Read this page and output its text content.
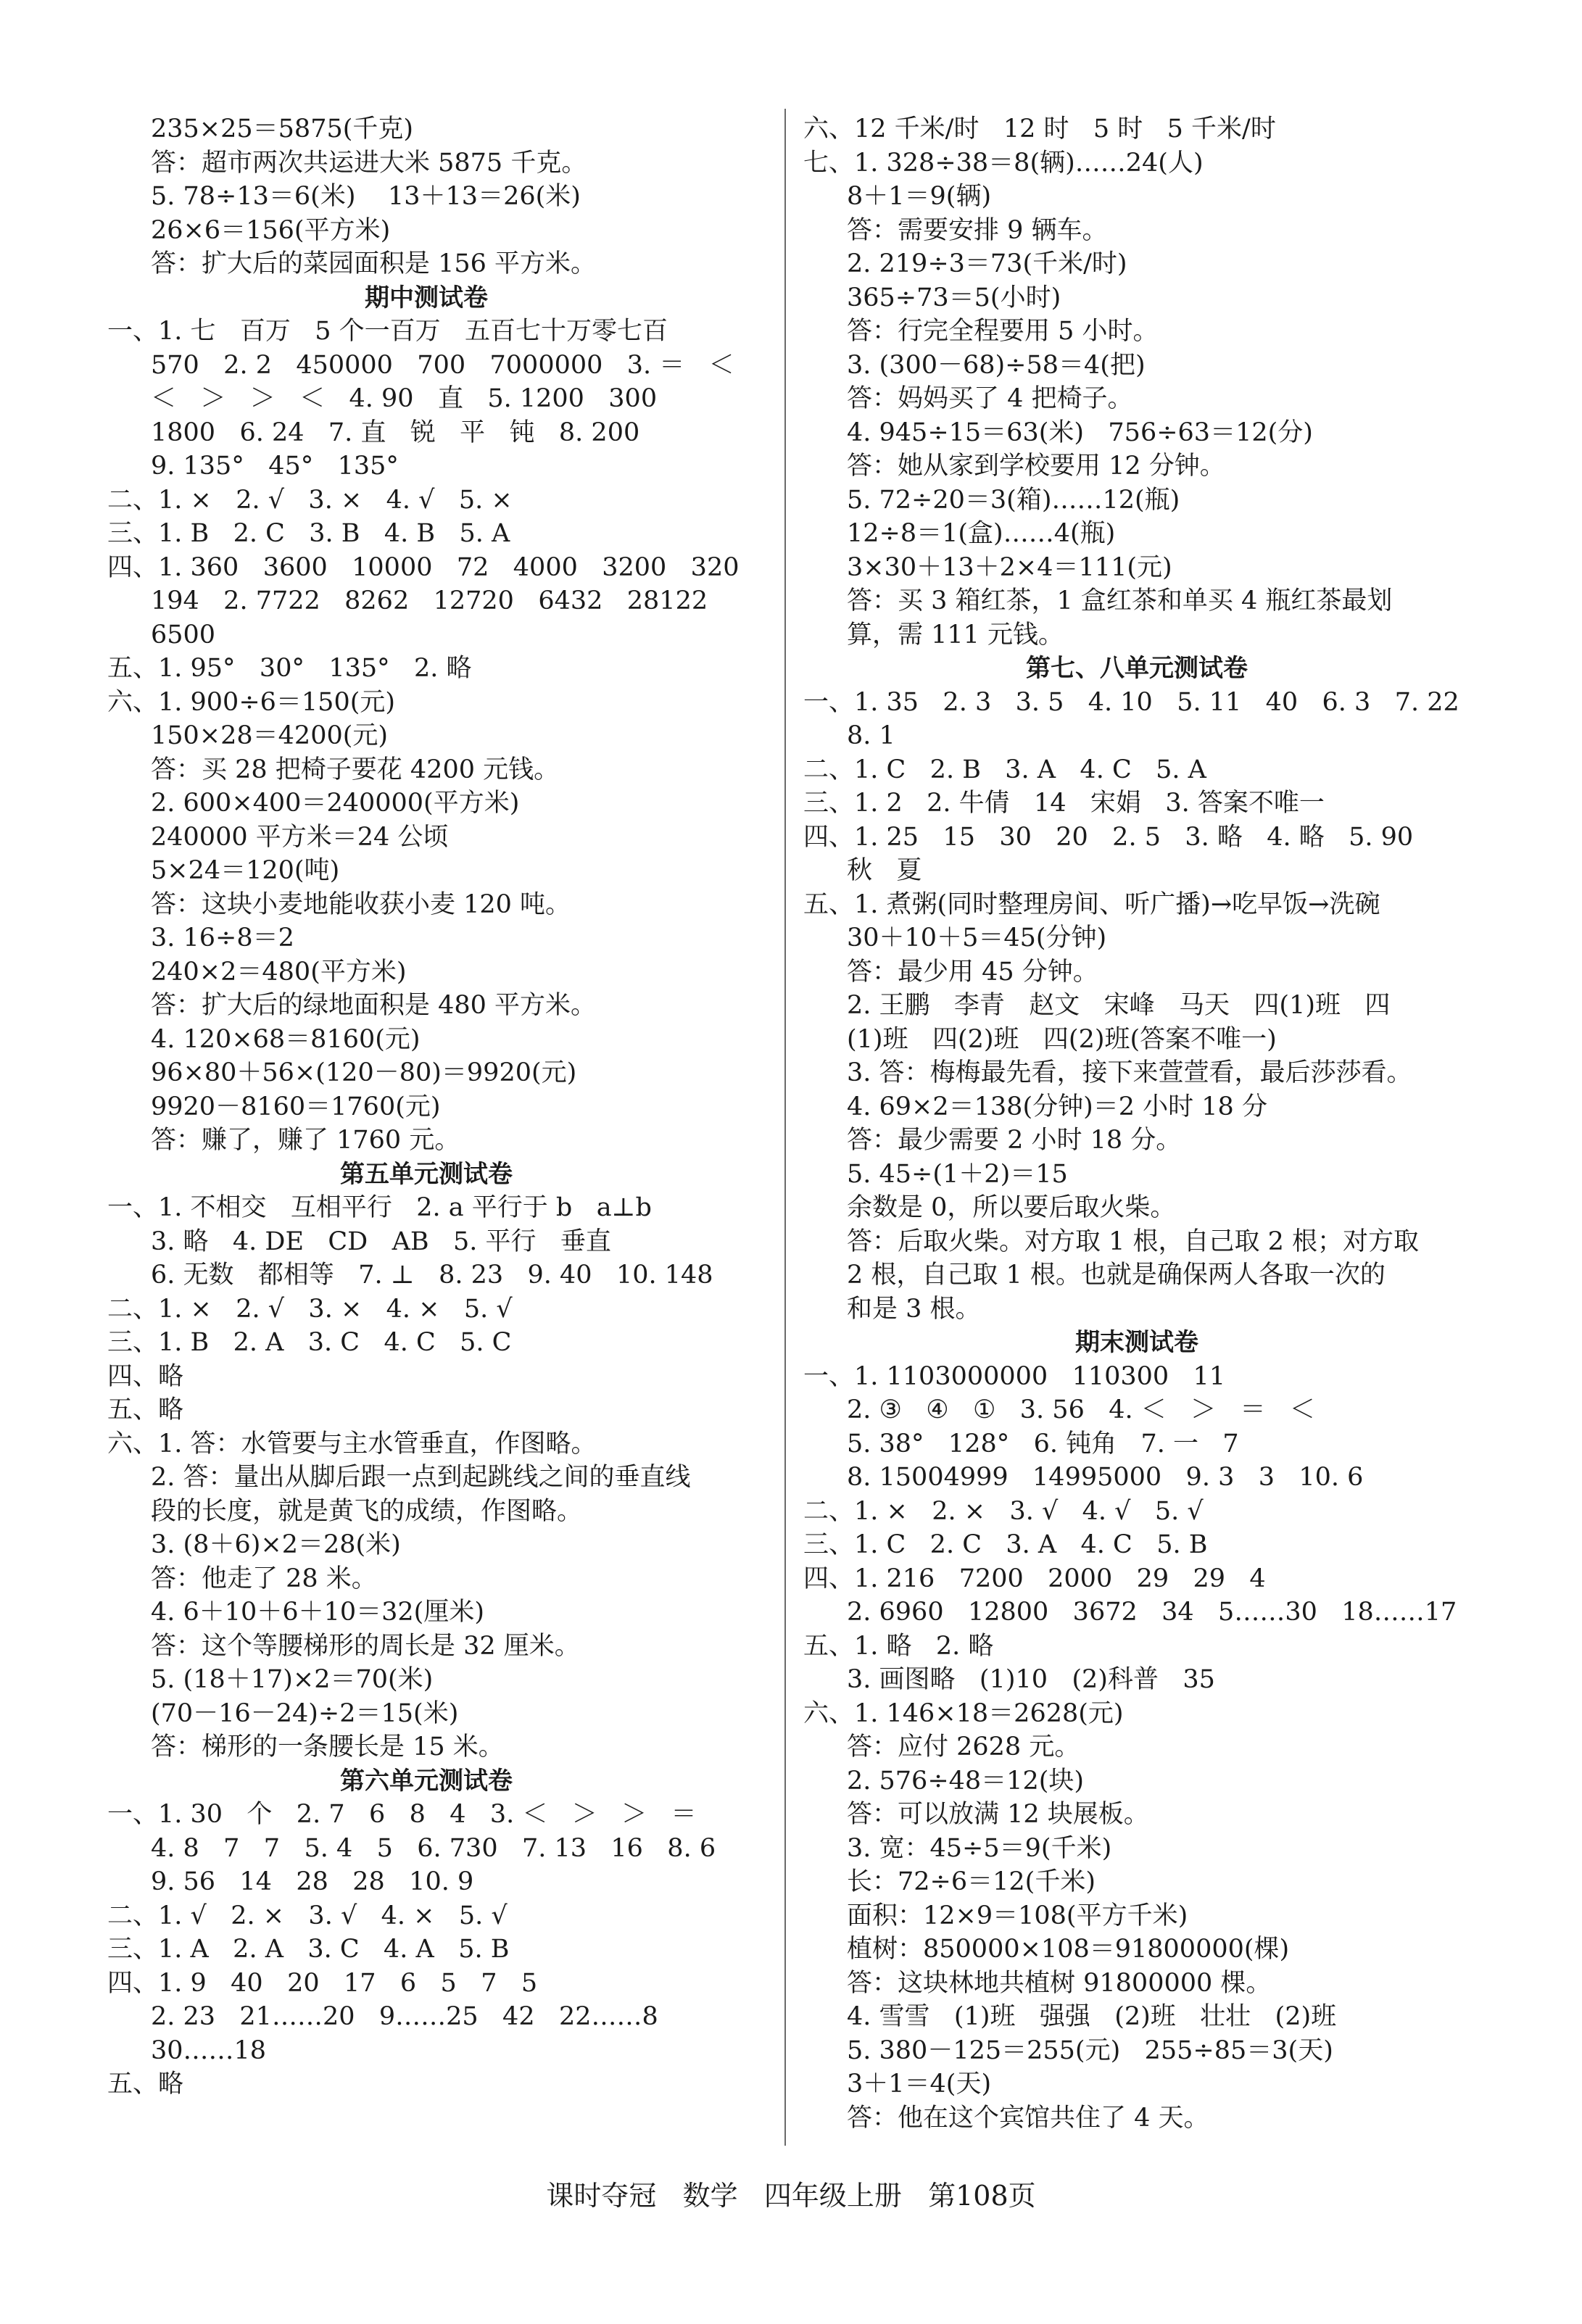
235×25＝5875(千克)
答：超市两次共运进大米 5875 千克。
5. 78÷13＝6(米)    13＋13＝26(米)
26×6＝156(平方米)
答：扩大后的菜园面积是 156 平方米。
期中测试卷
一、1. 七   百万   5 个一百万   五百七十万零七百
570   2. 2   450000   700   7000000   3. ＝   ＜
＜   ＞   ＞   ＜   4. 90   直   5. 1200   300
1800   6. 24   7. 直   锐   平   钝   8. 200
9. 135°   45°   135°
二、1. ×   2. √   3. ×   4. √   5. ×
三、1. B   2. C   3. B   4. B   5. A
四、1. 360   3600   10000   72   4000   3200   320
194   2. 7722   8262   12720   6432   28122
6500
五、1. 95°   30°   135°   2. 略
六、1. 900÷6＝150(元)
150×28＝4200(元)
答：买 28 把椅子要花 4200 元钱。
2. 600×400＝240000(平方米)
240000 平方米＝24 公顷
5×24＝120(吨)
答：这块小麦地能收获小麦 120 吨。
3. 16÷8＝2
240×2＝480(平方米)
答：扩大后的绿地面积是 480 平方米。
4. 120×68＝8160(元)
96×80＋56×(120－80)＝9920(元)
9920－8160＝1760(元)
答：赚了，赚了 1760 元。
第五单元测试卷
一、1. 不相交   互相平行   2. a 平行于 b   a⊥b
3. 略   4. DE   CD   AB   5. 平行   垂直
6. 无数   都相等   7. ⊥   8. 23   9. 40   10. 148
二、1. ×   2. √   3. ×   4. ×   5. √
三、1. B   2. A   3. C   4. C   5. C
四、略
五、略
六、1. 答：水管要与主水管垂直，作图略。
2. 答：量出从脚后跟一点到起跳线之间的垂直线
段的长度，就是黄飞的成绩，作图略。
3. (8＋6)×2＝28(米)
答：他走了 28 米。
4. 6＋10＋6＋10＝32(厘米)
答：这个等腰梯形的周长是 32 厘米。
5. (18＋17)×2＝70(米)
(70－16－24)÷2＝15(米)
答：梯形的一条腰长是 15 米。
第六单元测试卷
一、1. 30   个   2. 7   6   8   4   3. ＜   ＞   ＞   ＝
4. 8   7   7   5. 4   5   6. 730   7. 13   16   8. 6
9. 56   14   28   28   10. 9
二、1. √   2. ×   3. √   4. ×   5. √
三、1. A   2. A   3. C   4. A   5. B
四、1. 9   40   20   17   6   5   7   5
2. 23   21……20   9……25   42   22……8
30……18
五、略
六、12 千米/时   12 时   5 时   5 千米/时
七、1. 328÷38＝8(辆)……24(人)
8＋1＝9(辆)
答：需要安排 9 辆车。
2. 219÷3＝73(千米/时)
365÷73＝5(小时)
答：行完全程要用 5 小时。
3. (300－68)÷58＝4(把)
答：妈妈买了 4 把椅子。
4. 945÷15＝63(米)   756÷63＝12(分)
答：她从家到学校要用 12 分钟。
5. 72÷20＝3(箱)……12(瓶)
12÷8＝1(盒)……4(瓶)
3×30＋13＋2×4＝111(元)
答：买 3 箱红茶，1 盒红茶和单买 4 瓶红茶最划
算，需 111 元钱。
第七、八单元测试卷
一、1. 35   2. 3   3. 5   4. 10   5. 11   40   6. 3   7. 22
8. 1
二、1. C   2. B   3. A   4. C   5. A
三、1. 2   2. 牛倩   14   宋娟   3. 答案不唯一
四、1. 25   15   30   20   2. 5   3. 略   4. 略   5. 90
秋   夏
五、1. 煮粥(同时整理房间、听广播)→吃早饭→洗碗
30＋10＋5＝45(分钟)
答：最少用 45 分钟。
2. 王鹏   李青   赵文   宋峰   马天   四(1)班   四
(1)班   四(2)班   四(2)班(答案不唯一)
3. 答：梅梅最先看，接下来萱萱看，最后莎莎看。
4. 69×2＝138(分钟)＝2 小时 18 分
答：最少需要 2 小时 18 分。
5. 45÷(1＋2)＝15
余数是 0，所以要后取火柴。
答：后取火柴。对方取 1 根，自己取 2 根；对方取
2 根，自己取 1 根。也就是确保两人各取一次的
和是 3 根。
期末测试卷
一、1. 1103000000   110300   11
2. ③   ④   ①   3. 56   4. ＜   ＞   ＝   ＜
5. 38°   128°   6. 钝角   7. 一   7
8. 15004999   14995000   9. 3   3   10. 6
二、1. ×   2. ×   3. √   4. √   5. √
三、1. C   2. C   3. A   4. C   5. B
四、1. 216   7200   2000   29   29   4
2. 6960   12800   3672   34   5……30   18……17
五、1. 略   2. 略
3. 画图略   (1)10   (2)科普   35
六、1. 146×18＝2628(元)
答：应付 2628 元。
2. 576÷48＝12(块)
答：可以放满 12 块展板。
3. 宽：45÷5＝9(千米)
长：72÷6＝12(千米)
面积：12×9＝108(平方千米)
植树：850000×108＝91800000(棵)
答：这块林地共植树 91800000 棵。
4. 雪雪   (1)班   强强   (2)班   壮壮   (2)班
5. 380－125＝255(元)   255÷85＝3(天)
3＋1＝4(天)
答：他在这个宾馆共住了 4 天。
课时夺冠   数学   四年级上册   第108页
